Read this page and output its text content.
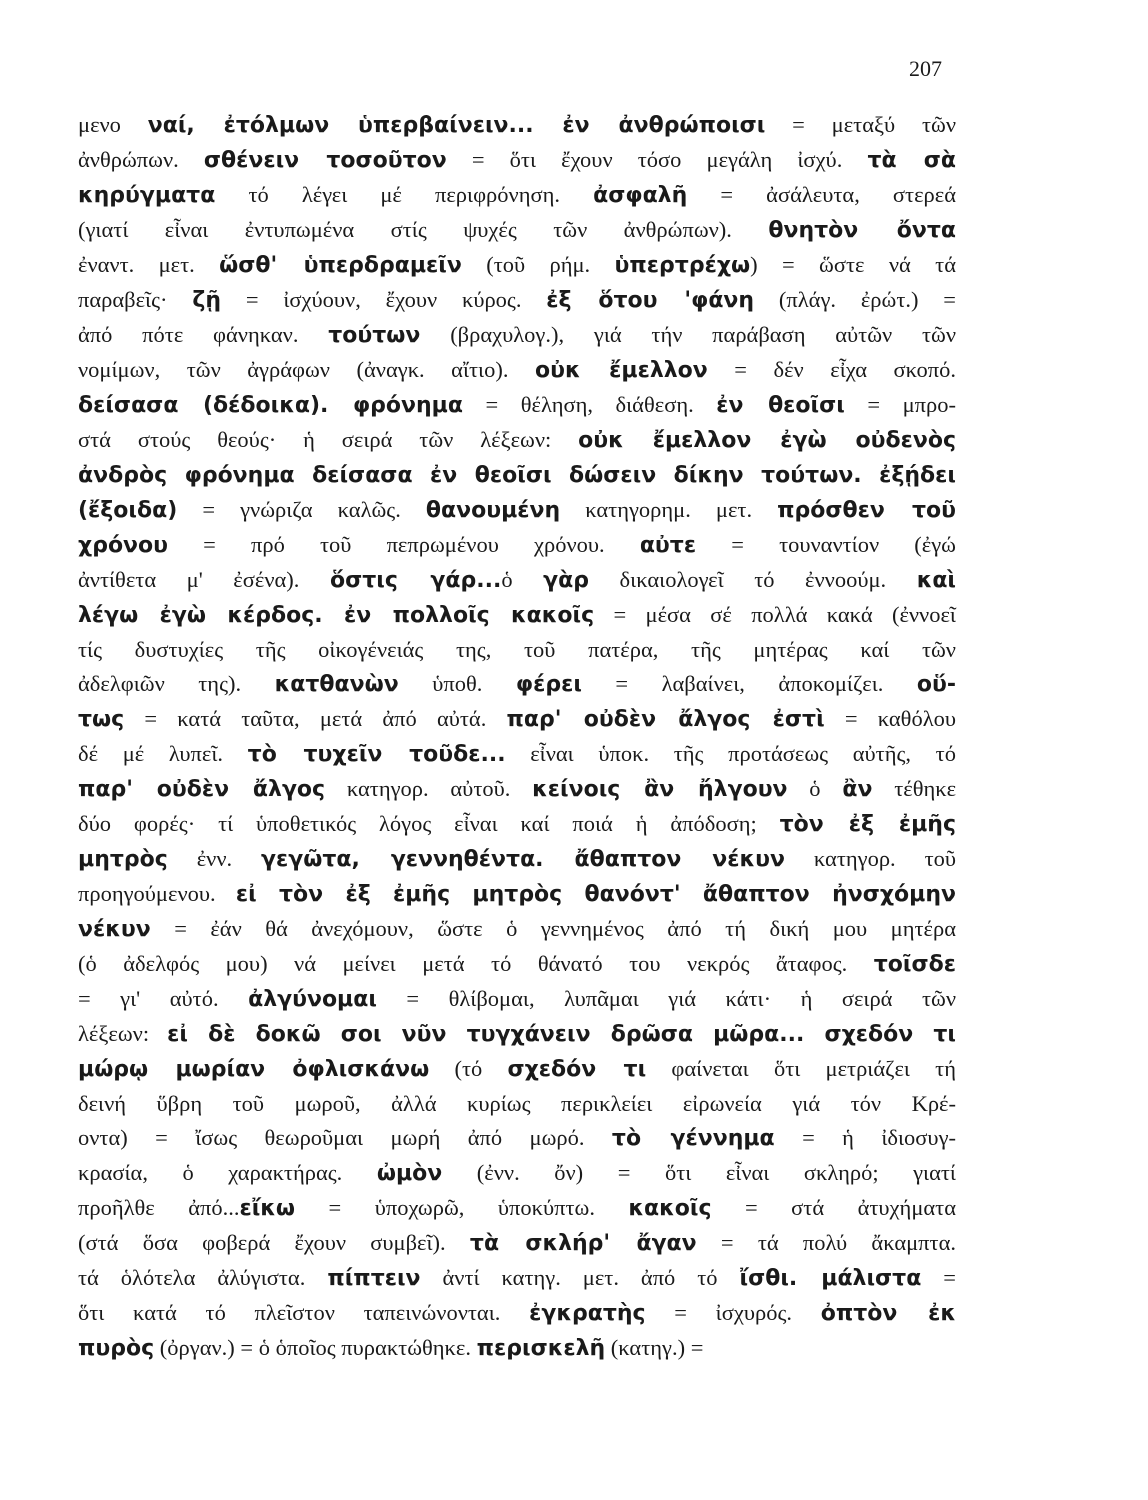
207
μενο ναί, ἐτόλμων ὑπερβαίνειν... ἐν ἀνθρώποισι = μεταξύ τῶν
ἀνθρώπων. σθένειν τοσοῦτον = ὅτι ἔχουν τόσο μεγάλη ἰσχύ. τὰ σὰ
κηρύγματα τό λέγει μέ περιφρόνηση. ἀσφαλῆ = ἀσάλευτα, στερεά
(γιατί εἶναι ἐντυπωμένα στίς ψυχές τῶν ἀνθρώπων). θνητὸν ὄντα
ἐναντ. μετ. ὥσθ' ὑπερδραμεῖν (τοῦ ρήμ. ὑπερτρέχω) = ὥστε νά τά
παραβεῖς· ζῇ = ἰσχύουν, ἔχουν κύρος. ἐξ ὅτου 'φάνη (πλάγ. ἐρώτ.) =
ἀπό πότε φάνηκαν. τούτων (βραχυλογ.), γιά τήν παράβαση αὐτῶν τῶν
νομίμων, τῶν ἀγράφων (ἀναγκ. αἴτιο). οὐκ ἔμελλον = δέν εἶχα σκοπό.
δείσασα (δέδοικα). φρόνημα = θέληση, διάθεση. ἐν θεοῖσι = μπρο-
στά στούς θεούς· ἡ σειρά τῶν λέξεων: οὐκ ἔμελλον ἐγὼ οὐδενὸς
ἀνδρὸς φρόνημα δείσασα ἐν θεοῖσι δώσειν δίκην τούτων. ἐξῄδει
(ἔξοιδα) = γνώριζα καλῶς. θανουμένη κατηγορημ. μετ. πρόσθεν τοῦ
χρόνου = πρό τοῦ πεπρωμένου χρόνου. αὐτε = τουναντίον (ἐγώ
ἀντίθετα μ' ἐσένα). ὅστις γάρ...ὁ γὰρ δικαιολογεῖ τό ἐννοούμ. καὶ
λέγω ἐγὼ κέρδος. ἐν πολλοῖς κακοῖς = μέσα σέ πολλά κακά (ἐννοεῖ
τίς δυστυχίες τῆς οἰκογένειάς της, τοῦ πατέρα, τῆς μητέρας καί τῶν
ἀδελφιῶν της). κατθανὼν ὑποθ. φέρει = λαβαίνει, ἀποκομίζει. οὕ-
τως = κατά ταῦτα, μετά ἀπό αὐτά. παρ' οὐδὲν ἄλγος ἐστὶ = καθόλου
δέ μέ λυπεῖ. τὸ τυχεῖν τοῦδε... εἶναι ὑποκ. τῆς προτάσεως αὐτῆς, τό
παρ' οὐδὲν ἄλγος κατηγορ. αὐτοῦ. κείνοις ἂν ἤλγουν ὁ ἂν τέθηκε
δύο φορές· τί ὑποθετικός λόγος εἶναι καί ποιά ἡ ἀπόδοση; τὸν ἐξ ἐμῆς
μητρὸς ἐνν. γεγῶτα, γεννηθέντα. ἄθαπτον νέκυν κατηγορ. τοῦ
προηγούμενου. εἰ τὸν ἐξ ἐμῆς μητρὸς θανόντ' ἄθαπτον ἠνσχόμην
νέκυν = ἐάν θά ἀνεχόμουν, ὥστε ὁ γεννημένος ἀπό τή δική μου μητέρα
(ὁ ἀδελφός μου) νά μείνει μετά τό θάνατό του νεκρός ἄταφος. τοῖσδε
= γι' αὐτό. ἀλγύνομαι = θλίβομαι, λυπᾶμαι γιά κάτι· ἡ σειρά τῶν
λέξεων: εἰ δὲ δοκῶ σοι νῦν τυγχάνειν δρῶσα μῶρα... σχεδόν τι
μώρῳ μωρίαν ὀφλισκάνω (τό σχεδόν τι φαίνεται ὅτι μετριάζει τή
δεινή ὕβρη τοῦ μωροῦ, ἀλλά κυρίως περικλείει εἰρωνεία γιά τόν Κρέ-
οντα) = ἴσως θεωροῦμαι μωρή ἀπό μωρό. τὸ γέννημα = ἡ ἰδιοσυγ-
κρασία, ὁ χαρακτήρας. ὠμὸν (ἐνν. ὄν) = ὅτι εἶναι σκληρό; γιατί
προῆλθε ἀπό...εἴκω = ὑποχωρῶ, ὑποκύπτω. κακοῖς = στά ἀτυχήματα
(στά ὅσα φοβερά ἔχουν συμβεῖ). τὰ σκλήρ' ἄγαν = τά πολύ ἄκαμπτα.
τά ὁλότελα ἀλύγιστα. πίπτειν ἀντί κατηγ. μετ. ἀπό τό ἴσθι. μάλιστα =
ὅτι κατά τό πλεῖστον ταπεινώνονται. ἐγκρατὴς = ἰσχυρός. ὀπτὸν ἐκ
πυρὸς (ὀργαν.) = ὁ ὁποῖος πυρακτώθηκε. περισκελῆ (κατηγ.) =
